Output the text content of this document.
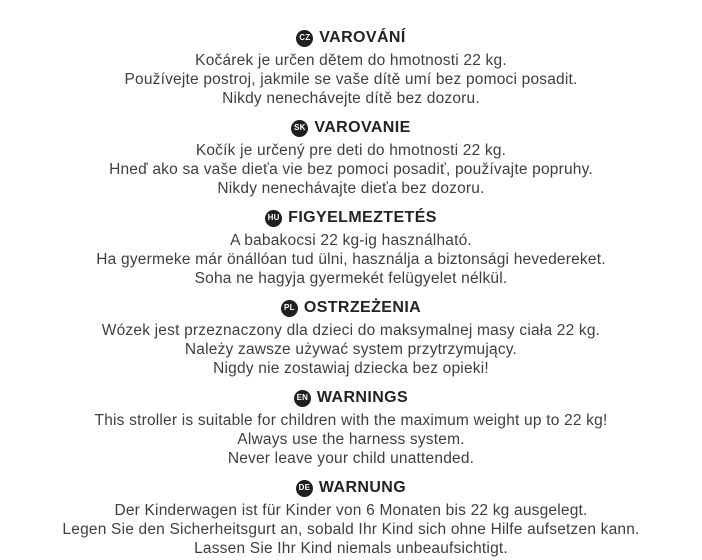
CZ VAROVÁNÍ

Kočárek je určen dětem do hmotnosti 22 kg.

Používejte postroj, jakmile se vaše dítě umí bez pomoci posadit.

Nikdy nenechávejte dítě bez dozoru.

SK VAROVANIE

Kočík je určený pre deti do hmotnosti 22 kg.

Hneď ako sa vaše dieťa vie bez pomoci posadiť, používajte popruhy.

Nikdy nenechávajte dieťa bez dozoru.

HU FIGYELMEZTETÉS

A babakocsi 22 kg-ig használható.

Ha gyermeke már önállóan tud ülni, használja a biztonsági hevedereket.

Soha ne hagyja gyermekét felügyelet nélkül.

PL OSTRZEŻENIA

Wózek jest przeznaczony dla dzieci do maksymalnej masy ciała 22 kg.

Należy zawsze używać system przytrzymujący.

Nigdy nie zostawiaj dziecka bez opieki!

EN WARNINGS

This stroller is suitable for children with the maximum weight up to 22 kg!

Always use the harness system.

Never leave your child unattended.

DE WARNUNG

Der Kinderwagen ist für Kinder von 6 Monaten bis 22 kg ausgelegt.

Legen Sie den Sicherheitsgurt an, sobald Ihr Kind sich ohne Hilfe aufsetzen kann.

Lassen Sie Ihr Kind niemals unbeaufsichtigt.
